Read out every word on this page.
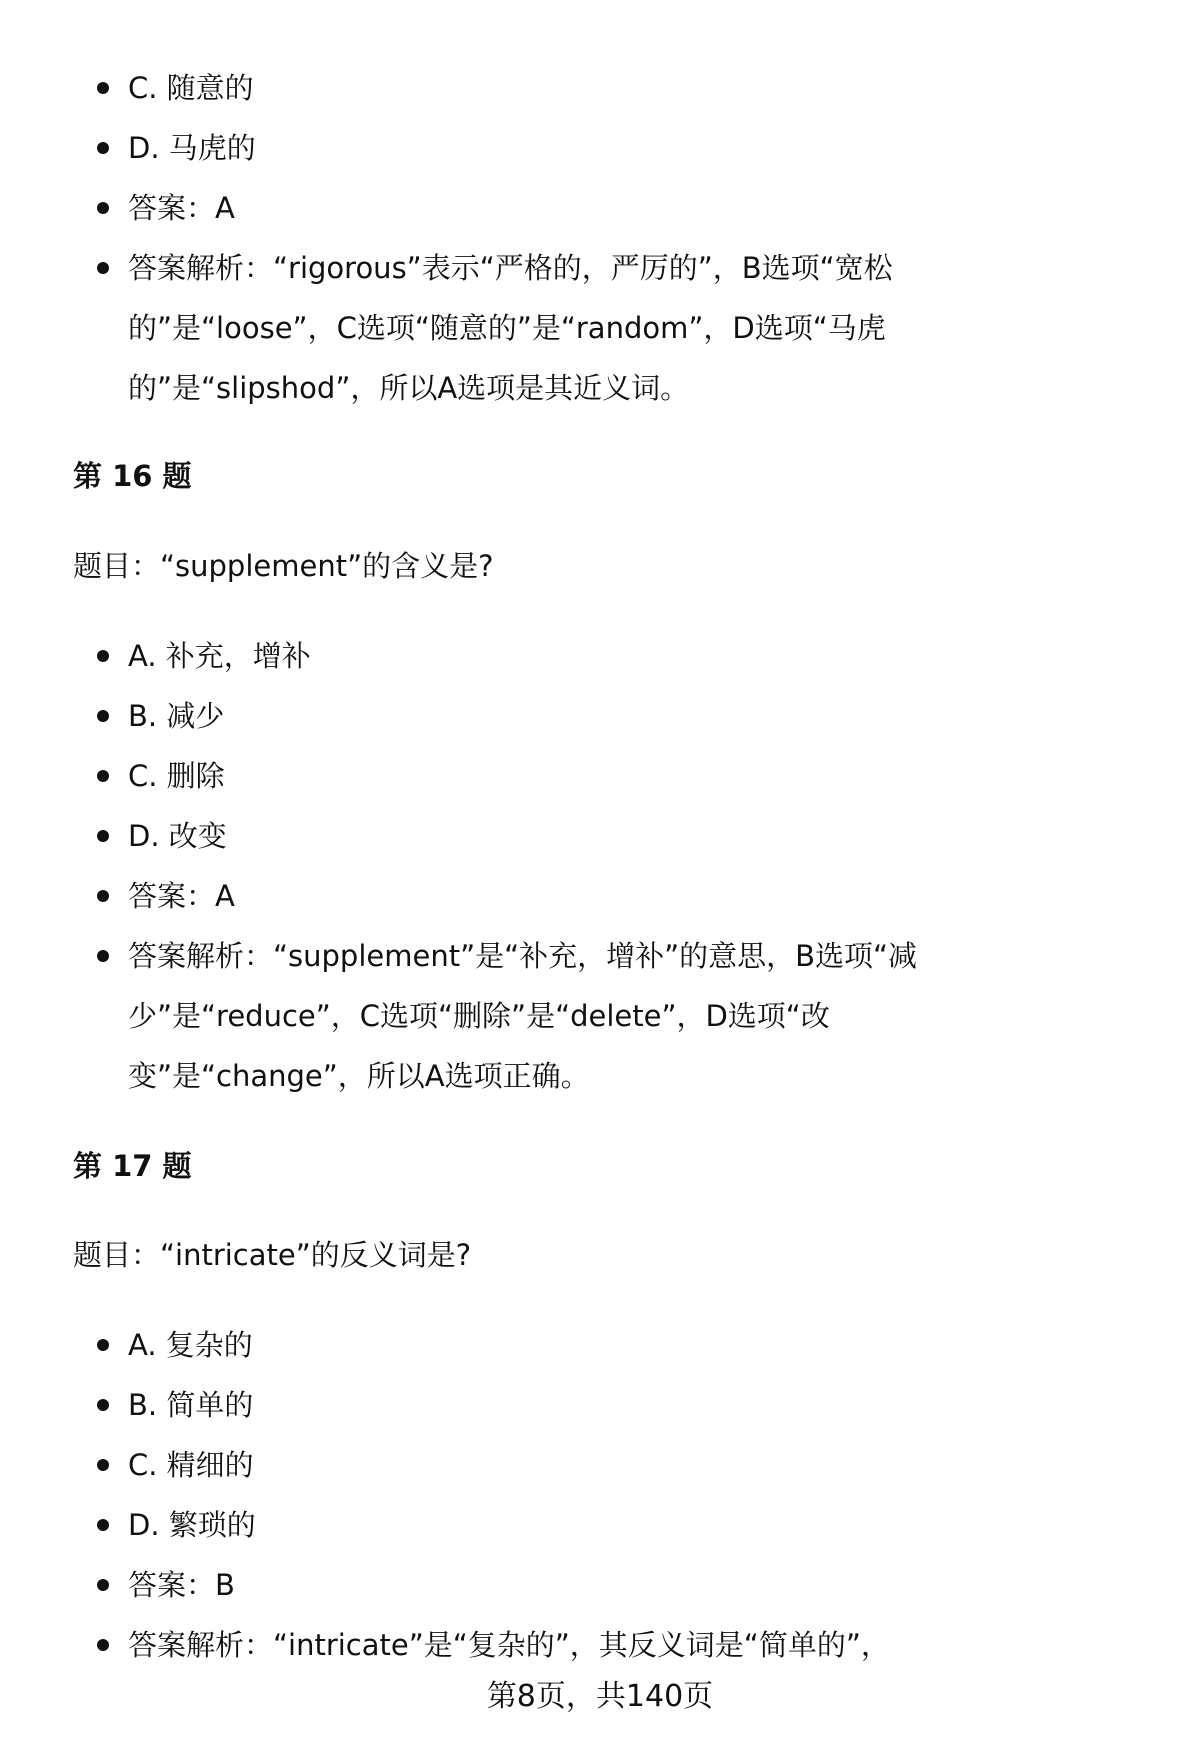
C. 随意的
D. 马虎的
答案：A
答案解析：“rigorous”表示“严格的，严厉的”，B选项“宽松的”是“loose”，C选项“随意的”是“random”，D选项“马虎的”是“slipshod”，所以A选项是其近义词。
第 16 题
题目：“supplement”的含义是?
A. 补充，增补
B. 减少
C. 删除
D. 改变
答案：A
答案解析：“supplement”是“补充，增补”的意思，B选项“减少”是“reduce”，C选项“删除”是“delete”，D选项“改变”是“change”，所以A选项正确。
第 17 题
题目：“intricate”的反义词是?
A. 复杂的
B. 简单的
C. 精细的
D. 繁琐的
答案：B
答案解析：“intricate”是“复杂的”，其反义词是“简单的”，
第8页，共140页
